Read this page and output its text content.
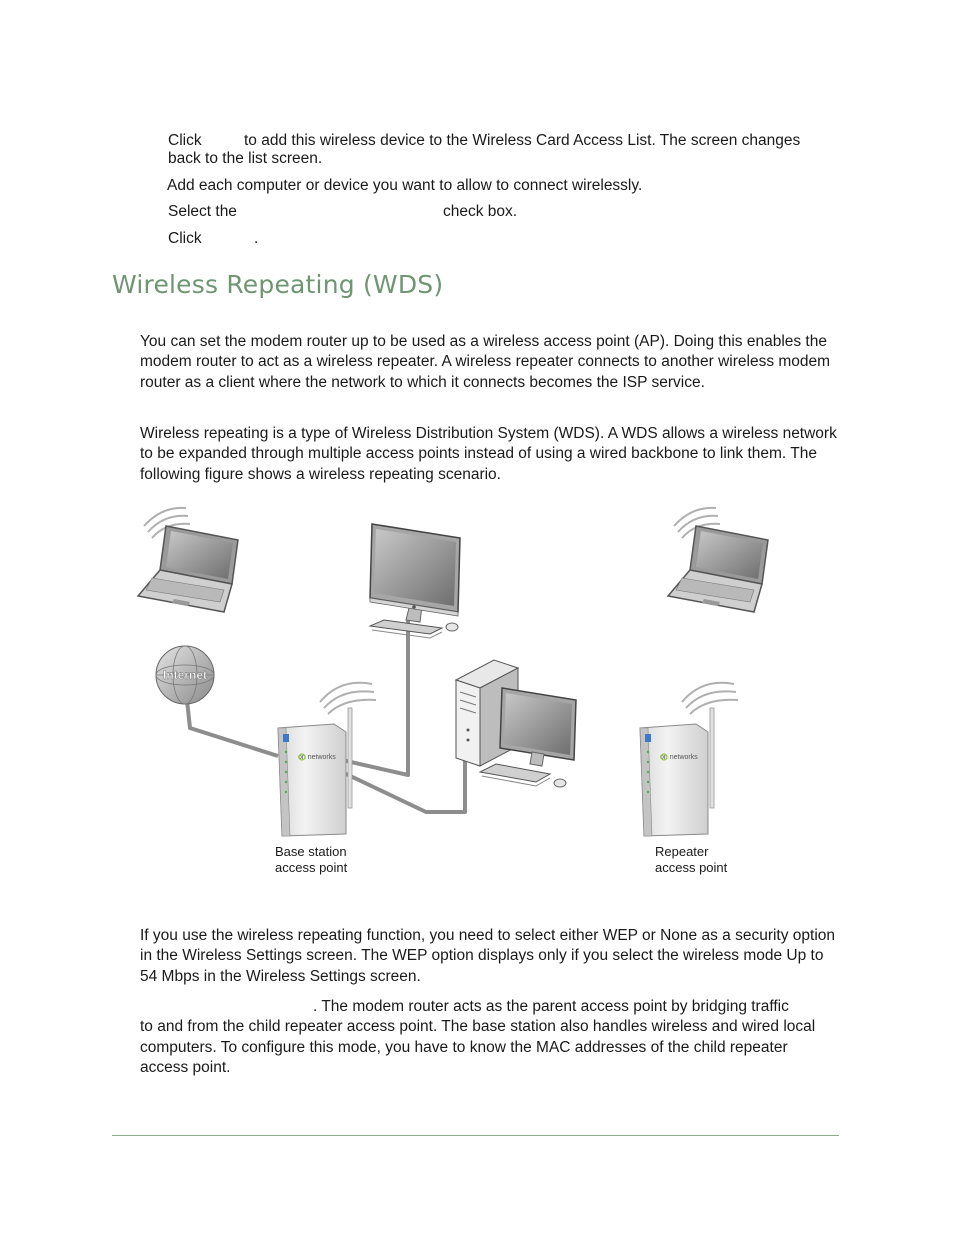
Click	to add this wireless device to the Wireless Card Access List. The screen changes
back to the list screen.
Add each computer or device you want to allow to connect wirelessly.
Select the	check box.
Click	.
Wireless Repeating (WDS)

You can set the modem router up to be used as a wireless access point (AP). Doing this enables the modem router to act as a wireless repeater. A wireless repeater connects to another wireless modem router as a client where the network to which it connects becomes the ISP service.

Wireless repeating is a type of Wireless Distribution System (WDS). A WDS allows a wireless network to be expanded through multiple access points instead of using a wired backbone to link them. The following figure shows a wireless repeating scenario.

Internet
on networks	on networks
Base station
access point
Repeater
access point

If you use the wireless repeating function, you need to select either WEP or None as a security option in the Wireless Settings screen. The WEP option displays only if you select the wireless mode Up to 54 Mbps in the Wireless Settings screen.

. The modem router acts as the parent access point by bridging traffic
to and from the child repeater access point. The base station also handles wireless and wired local computers. To configure this mode, you have to know the MAC addresses of the child repeater access point.
